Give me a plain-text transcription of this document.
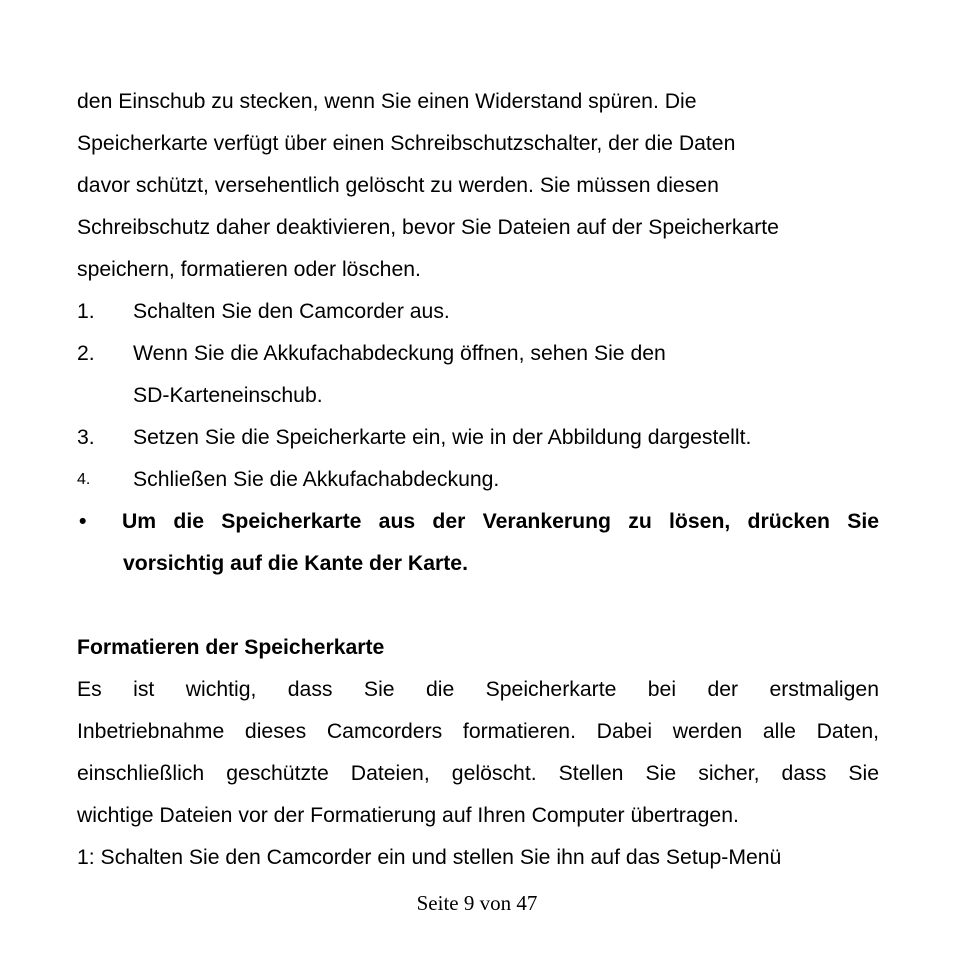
den Einschub zu stecken, wenn Sie einen Widerstand spüren. Die
Speicherkarte verfügt über einen Schreibschutzschalter, der die Daten
davor schützt, versehentlich gelöscht zu werden. Sie müssen diesen
Schreibschutz daher deaktivieren, bevor Sie Dateien auf der Speicherkarte
speichern, formatieren oder löschen.
1.	Schalten Sie den Camcorder aus.
2.	Wenn Sie die Akkufachabdeckung öffnen, sehen Sie den
SD-Karteneinschub.
3.	Setzen Sie die Speicherkarte ein, wie in der Abbildung dargestellt.
4.	Schließen Sie die Akkufachabdeckung.
•	Um die Speicherkarte aus der Verankerung zu lösen, drücken Sie
vorsichtig auf die Kante der Karte.
Formatieren der Speicherkarte
Es ist wichtig, dass Sie die Speicherkarte bei der erstmaligen
Inbetriebnahme dieses Camcorders formatieren. Dabei werden alle Daten,
einschließlich geschützte Dateien, gelöscht. Stellen Sie sicher, dass Sie
wichtige Dateien vor der Formatierung auf Ihren Computer übertragen.
1: Schalten Sie den Camcorder ein und stellen Sie ihn auf das Setup-Menü
Seite 9 von 47
